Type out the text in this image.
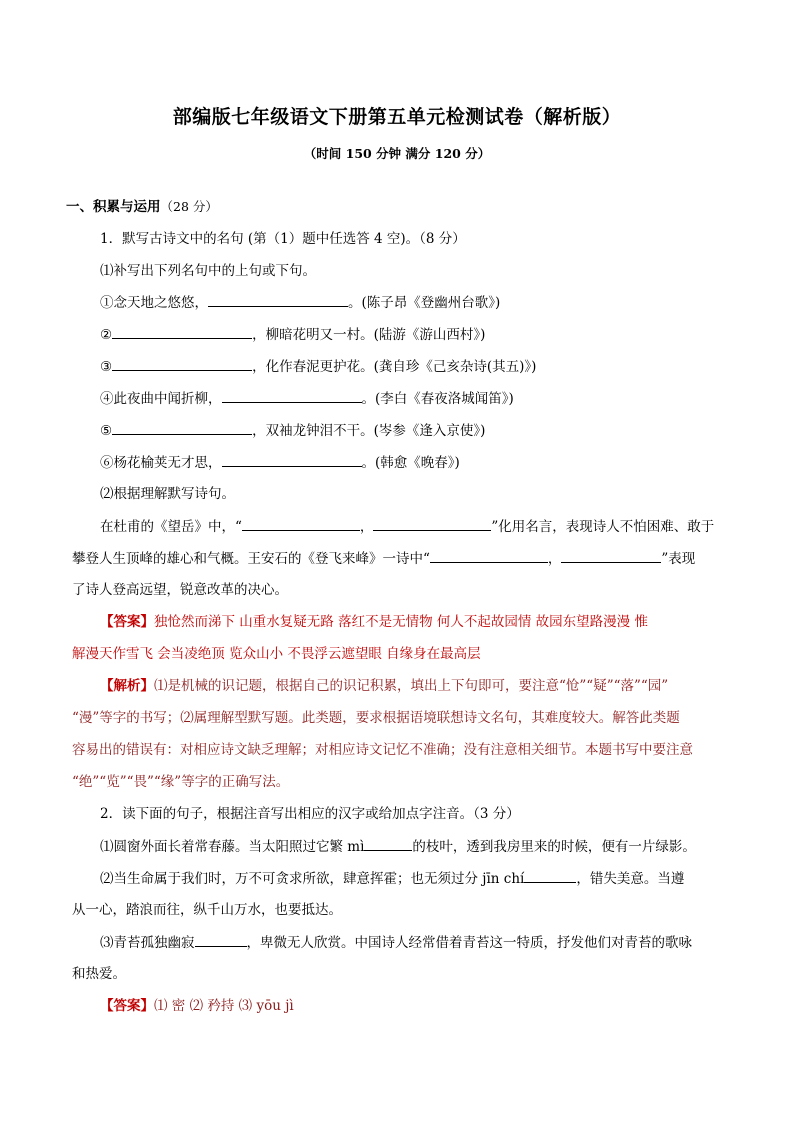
部编版七年级语文下册第五单元检测试卷（解析版）
（时间 150 分钟 满分 120 分）
一、积累与运用（28 分）
1．默写古诗文中的名句 (第（1）题中任选答 4 空)。（8 分）
⑴补写出下列名句中的上句或下句。
①念天地之悠悠，	。(陈子昂《登幽州台歌》)
②	，柳暗花明又一村。(陆游《游山西村》)
③	，化作春泥更护花。(龚自珍《己亥杂诗(其五)》)
④此夜曲中闻折柳，	。(李白《春夜洛城闻笛》)
⑤	，双袖龙钟泪不干。(岑参《逢入京使》)
⑥杨花榆荚无才思，	。(韩愈《晚春》)
⑵根据理解默写诗句。
在杜甫的《望岳》中，“	，	”化用名言，表现诗人不怕困难、敢于
攀登人生顶峰的雄心和气概。王安石的《登飞来峰》一诗中“	，	”表现
了诗人登高远望，锐意改革的决心。
【答案】独怆然而涕下 山重水复疑无路 落红不是无情物 何人不起故园情 故园东望路漫漫 惟
解漫天作雪飞 会当凌绝顶 览众山小 不畏浮云遮望眼 自缘身在最高层
【解析】⑴是机械的识记题，根据自己的识记积累，填出上下句即可，要注意“怆”“疑”“落”“园”
“漫”等字的书写；⑵属理解型默写题。此类题，要求根据语境联想诗文名句，其难度较大。解答此类题
容易出的错误有：对相应诗文缺乏理解；对相应诗文记忆不准确；没有注意相关细节。本题书写中要注意
“绝”“览”“畏”“缘”等字的正确写法。
2．读下面的句子，根据注音写出相应的汉字或给加点字注音。（3 分）
⑴圆窗外面长着常春藤。当太阳照过它繁 mì	的枝叶，透到我房里来的时候，便有一片绿影。
⑵当生命属于我们时，万不可贪求所欲，肆意挥霍；也无须过分 jīn chí	，错失美意。当遵
从一心，踏浪而往，纵千山万水，也要抵达。
⑶青苔孤独幽寂	，卑微无人欣赏。中国诗人经常借着青苔这一特质，抒发他们对青苔的歌咏
和热爱。
【答案】⑴ 密 ⑵ 矜持 ⑶ yōu jì
